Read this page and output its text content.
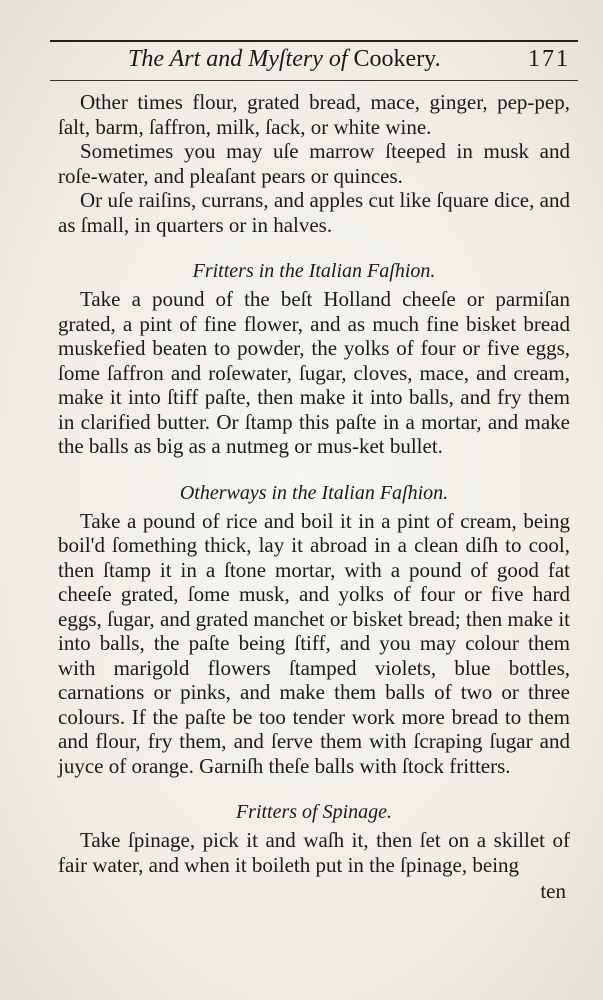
The Art and Myſtery of Cookery.	171

Other times flour, grated bread, mace, ginger, pep-pep, ſalt, barm, ſaffron, milk, ſack, or white wine.

Sometimes you may uſe marrow ſteeped in musk and roſe-water, and pleaſant pears or quinces.

Or uſe raiſins, currans, and apples cut like ſquare dice, and as ſmall, in quarters or in halves.

Fritters in the Italian Faſhion.

Take a pound of the beſt Holland cheeſe or parmiſan grated, a pint of fine flower, and as much fine bisket bread muskefied beaten to powder, the yolks of four or five eggs, ſome ſaffron and roſewater, ſugar, cloves, mace, and cream, make it into ſtiff paſte, then make it into balls, and fry them in clarified butter. Or ſtamp this paſte in a mortar, and make the balls as big as a nutmeg or mus-ket bullet.

Otherways in the Italian Faſhion.

Take a pound of rice and boil it in a pint of cream, being boil'd ſomething thick, lay it abroad in a clean diſh to cool, then ſtamp it in a ſtone mortar, with a pound of good fat cheeſe grated, ſome musk, and yolks of four or five hard eggs, ſugar, and grated manchet or bisket bread; then make it into balls, the paſte being ſtiff, and you may colour them with marigold flowers ſtamped violets, blue bottles, carnations or pinks, and make them balls of two or three colours. If the paſte be too tender work more bread to them and flour, fry them, and ſerve them with ſcraping ſugar and juyce of orange. Garniſh theſe balls with ſtock fritters.

Fritters of Spinage.

Take ſpinage, pick it and waſh it, then ſet on a skillet of fair water, and when it boileth put in the ſpinage, being

ten
